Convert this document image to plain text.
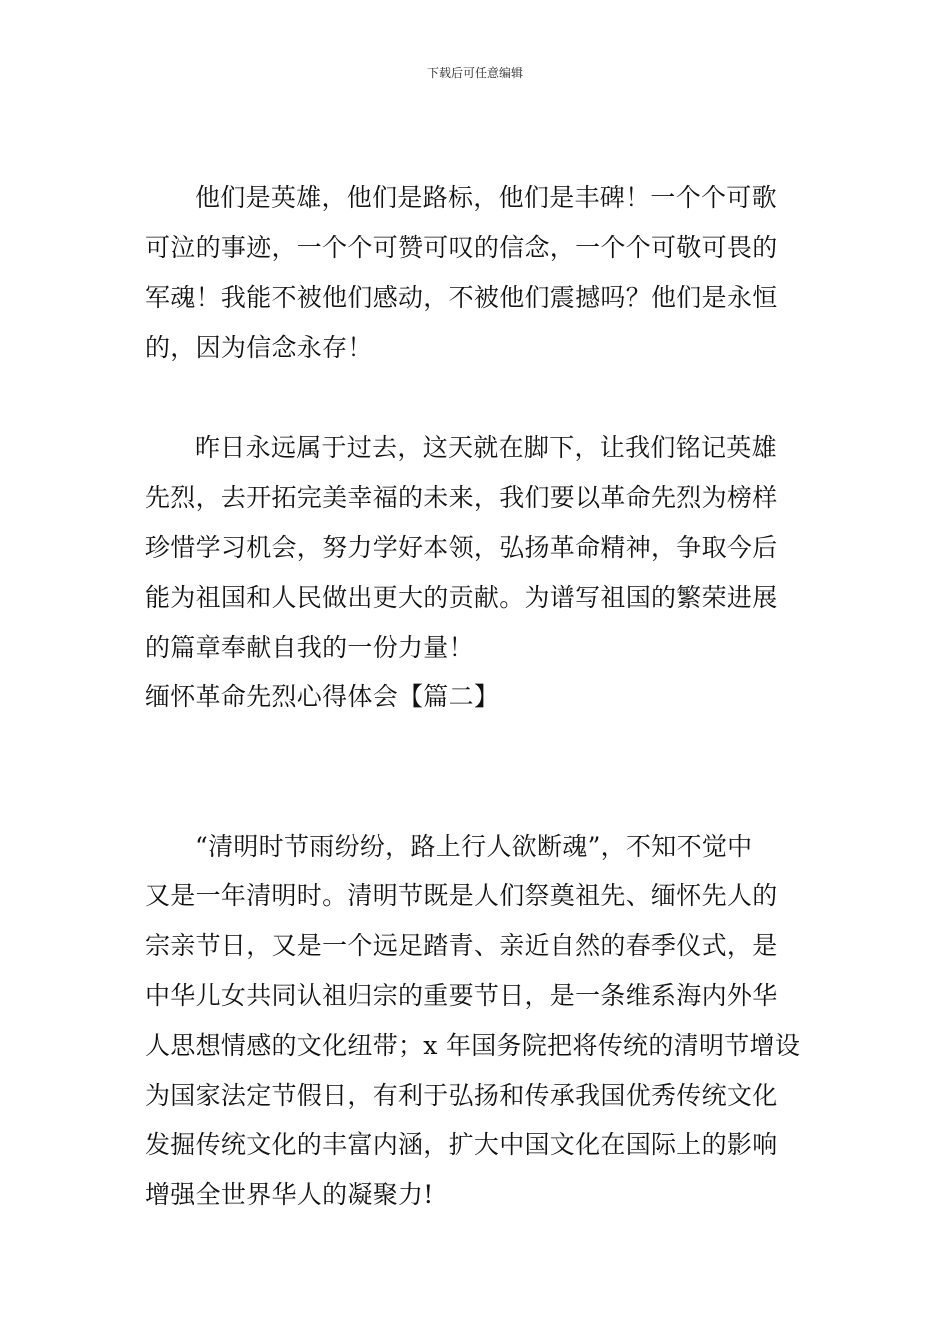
下载后可任意编辑
他们是英雄，他们是路标，他们是丰碑！一个个可歌
可泣的事迹，一个个可赞可叹的信念，一个个可敬可畏的
军魂！我能不被他们感动，不被他们震撼吗？他们是永恒
的，因为信念永存！
昨日永远属于过去，这天就在脚下，让我们铭记英雄
先烈，去开拓完美幸福的未来，我们要以革命先烈为榜样
珍惜学习机会，努力学好本领，弘扬革命精神，争取今后
能为祖国和人民做出更大的贡献。为谱写祖国的繁荣进展
的篇章奉献自我的一份力量！
缅怀革命先烈心得体会【篇二】
“清明时节雨纷纷，路上行人欲断魂”，不知不觉中
又是一年清明时。清明节既是人们祭奠祖先、缅怀先人的
宗亲节日，又是一个远足踏青、亲近自然的春季仪式，是
中华儿女共同认祖归宗的重要节日，是一条维系海内外华
人思想情感的文化纽带；x 年国务院把将传统的清明节增设
为国家法定节假日，有利于弘扬和传承我国优秀传统文化
发掘传统文化的丰富内涵，扩大中国文化在国际上的影响
增强全世界华人的凝聚力!
